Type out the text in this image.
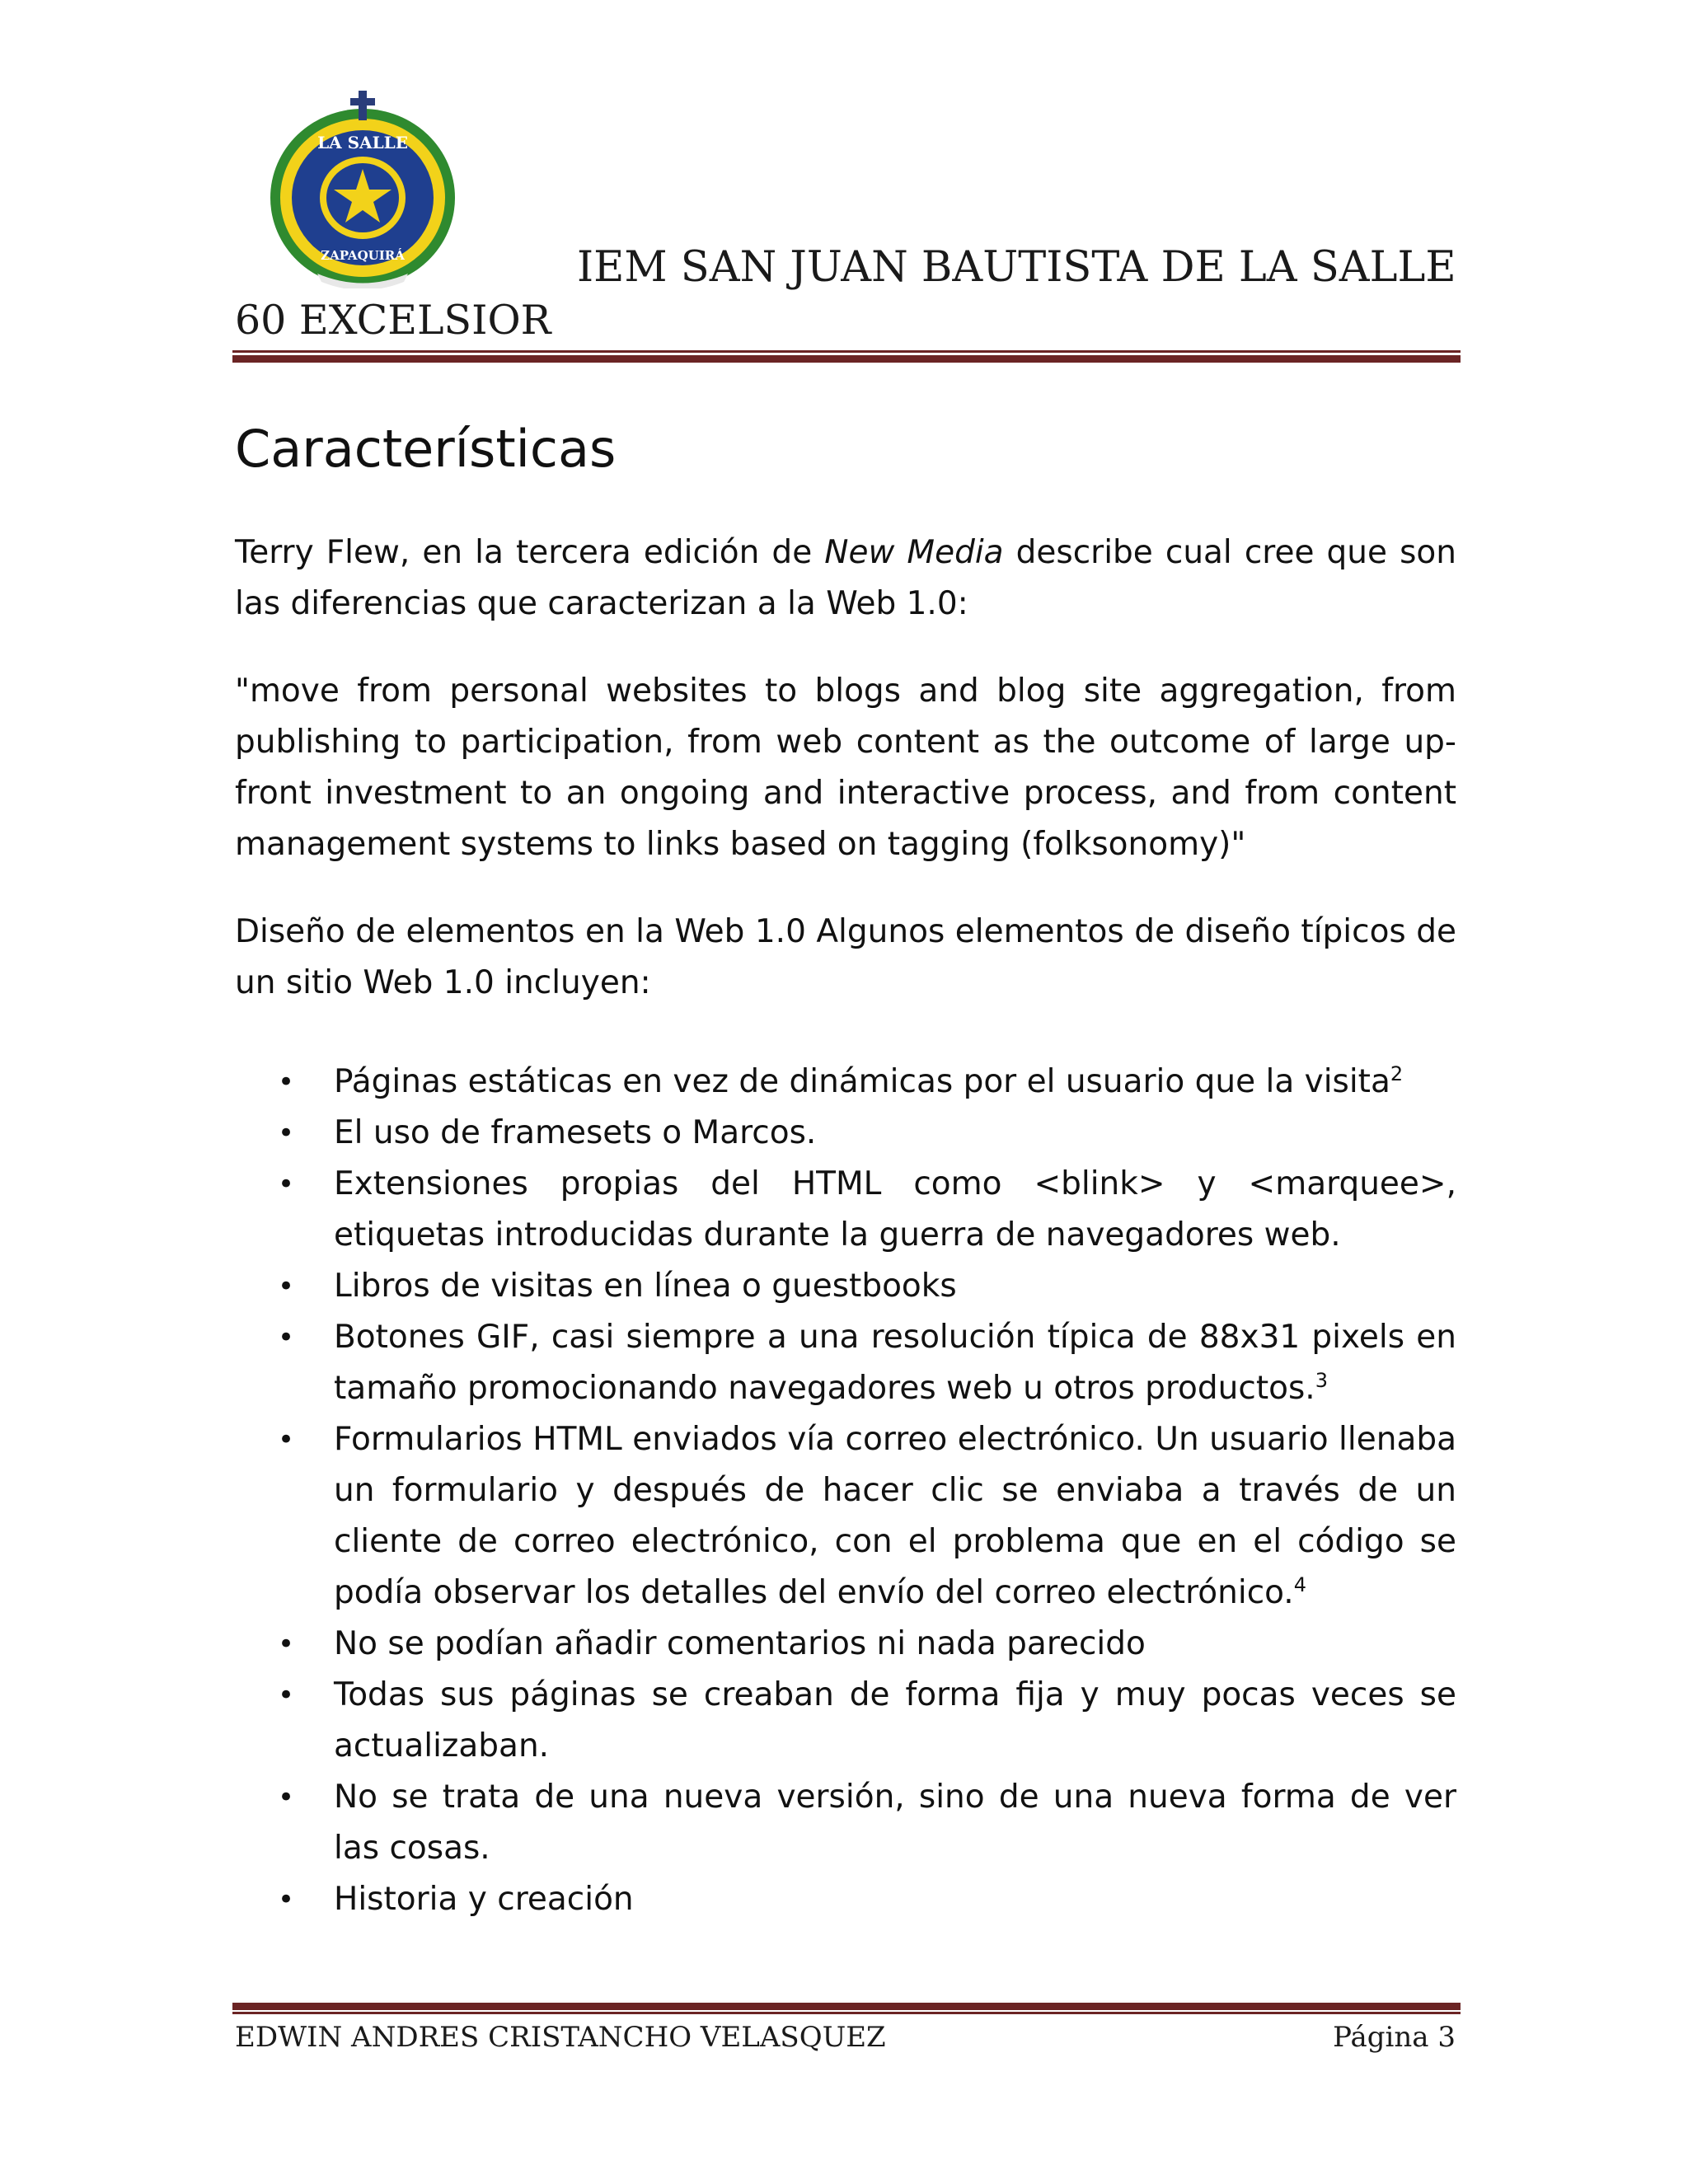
LA SALLE
ZAPAQUIRÁ	IEM SAN JUAN BAUTISTA DE LA SALLE
60 EXCELSIOR
Características

Terry Flew, en la tercera edición de New Media describe cual cree que son las diferencias que caracterizan a la Web 1.0:

"move from personal websites to blogs and blog site aggregation, from publishing to participation, from web content as the outcome of large up-front investment to an ongoing and interactive process, and from content management systems to links based on tagging (folksonomy)"

Diseño de elementos en la Web 1.0 Algunos elementos de diseño típicos de un sitio Web 1.0 incluyen:

• Páginas estáticas en vez de dinámicas por el usuario que la visita$^2$
• El uso de framesets o Marcos.
• Extensiones propias del HTML como <blink> y <marquee>, etiquetas introducidas durante la guerra de navegadores web.
• Libros de visitas en línea o guestbooks
• Botones GIF, casi siempre a una resolución típica de 88x31 pixels en tamaño promocionando navegadores web u otros productos.$^3$
• Formularios HTML enviados vía correo electrónico. Un usuario llenaba un formulario y después de hacer clic se enviaba a través de un cliente de correo electrónico, con el problema que en el código se podía observar los detalles del envío del correo electrónico.$^4$
• No se podían añadir comentarios ni nada parecido
• Todas sus páginas se creaban de forma fija y muy pocas veces se actualizaban.
• No se trata de una nueva versión, sino de una nueva forma de ver las cosas.
• Historia y creación
EDWIN ANDRES CRISTANCHO VELASQUEZ	Página 3
